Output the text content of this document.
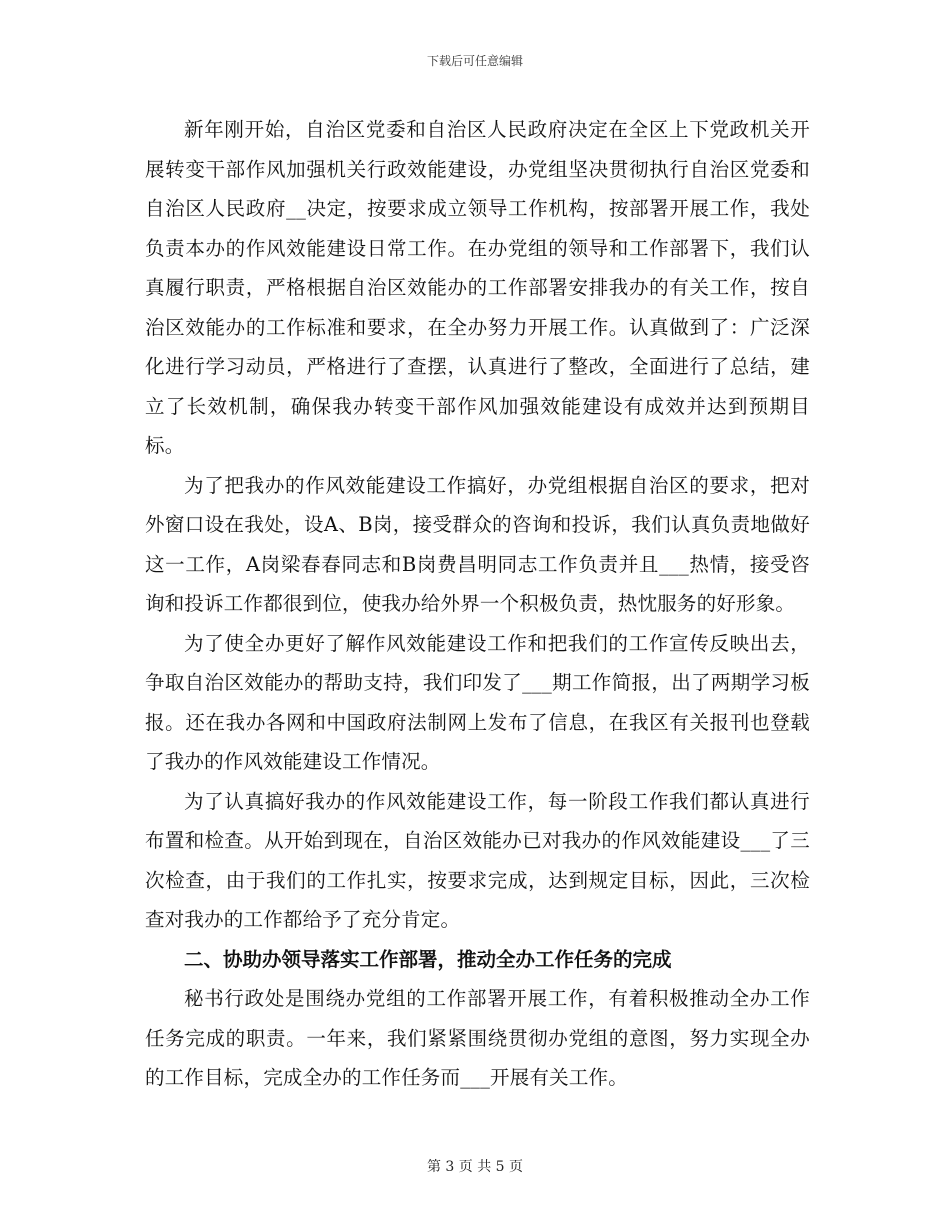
下载后可任意编辑

新年刚开始，自治区党委和自治区人民政府决定在全区上下党政机关开展转变干部作风加强机关行政效能建设，办党组坚决贯彻执行自治区党委和自治区人民政府__决定，按要求成立领导工作机构，按部署开展工作，我处负责本办的作风效能建设日常工作。在办党组的领导和工作部署下，我们认真履行职责，严格根据自治区效能办的工作部署安排我办的有关工作，按自治区效能办的工作标准和要求，在全办努力开展工作。认真做到了：广泛深化进行学习动员，严格进行了查摆，认真进行了整改，全面进行了总结，建立了长效机制，确保我办转变干部作风加强效能建设有成效并达到预期目标。

为了把我办的作风效能建设工作搞好，办党组根据自治区的要求，把对外窗口设在我处，设A、B岗，接受群众的咨询和投诉，我们认真负责地做好这一工作，A岗梁春春同志和B岗费昌明同志工作负责并且___热情，接受咨询和投诉工作都很到位，使我办给外界一个积极负责，热忱服务的好形象。

为了使全办更好了解作风效能建设工作和把我们的工作宣传反映出去，争取自治区效能办的帮助支持，我们印发了___期工作简报，出了两期学习板报。还在我办各网和中国政府法制网上发布了信息，在我区有关报刊也登载了我办的作风效能建设工作情况。

为了认真搞好我办的作风效能建设工作，每一阶段工作我们都认真进行布置和检查。从开始到现在，自治区效能办已对我办的作风效能建设___了三次检查，由于我们的工作扎实，按要求完成，达到规定目标，因此，三次检查对我办的工作都给予了充分肯定。

二、协助办领导落实工作部署，推动全办工作任务的完成

秘书行政处是围绕办党组的工作部署开展工作，有着积极推动全办工作任务完成的职责。一年来，我们紧紧围绕贯彻办党组的意图，努力实现全办的工作目标，完成全办的工作任务而___开展有关工作。

第 3 页 共 5 页
